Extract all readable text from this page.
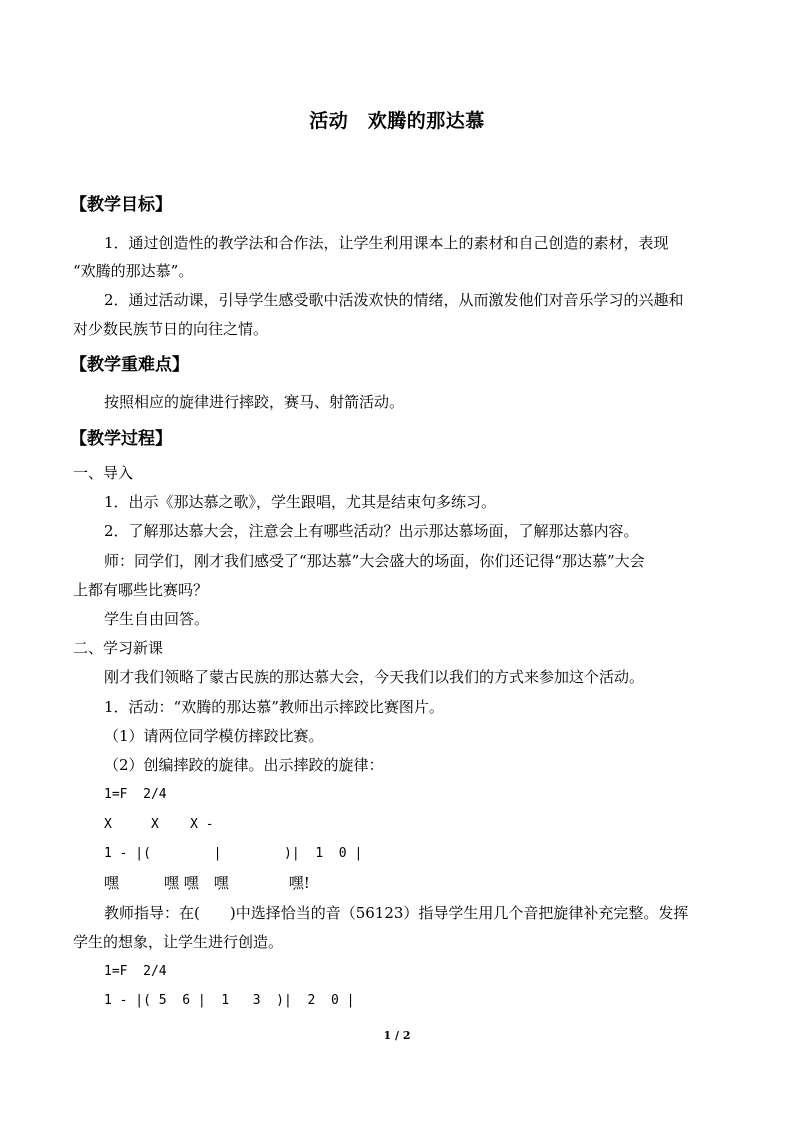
活动　欢腾的那达慕
【教学目标】
1．通过创造性的教学法和合作法，让学生利用课本上的素材和自己创造的素材，表现
“欢腾的那达慕”。
2．通过活动课，引导学生感受歌中活泼欢快的情绪，从而激发他们对音乐学习的兴趣和
对少数民族节日的向往之情。
【教学重难点】
按照相应的旋律进行摔跤，赛马、射箭活动。
【教学过程】
一、导入
1．出示《那达慕之歌》，学生跟唱，尤其是结束句多练习。
2．了解那达慕大会，注意会上有哪些活动？出示那达慕场面，了解那达慕内容。
师：同学们，刚才我们感受了“那达慕”大会盛大的场面，你们还记得“那达慕”大会
上都有哪些比赛吗？
学生自由回答。
二、学习新课
刚才我们领略了蒙古民族的那达慕大会，今天我们以我们的方式来参加这个活动。
1．活动：“欢腾的那达慕”教师出示摔跤比赛图片。
（1）请两位同学模仿摔跤比赛。
（2）创编摔跤的旋律。出示摔跤的旋律：
1=F  2/4
X     X    X -
1 - |(        |        )|  1  0 |
嘿　　　嘿 嘿　嘿　　　　嘿!
教师指导：在(　　)中选择恰当的音（56123）指导学生用几个音把旋律补充完整。发挥
学生的想象，让学生进行创造。
1=F  2/4
1 - |( 5  6 |  1   3  )|  2  0 |
1 / 2
